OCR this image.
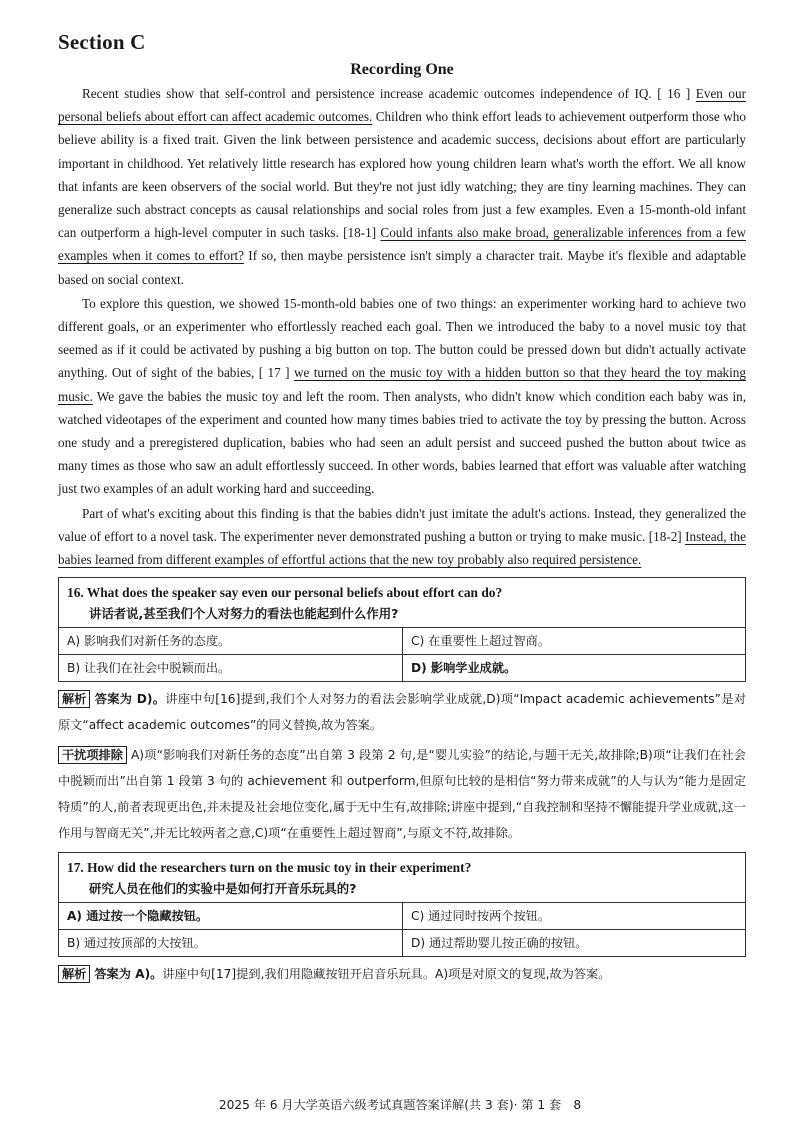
Section C
Recording One

Recent studies show that self-control and persistence increase academic outcomes independence of IQ. [ 16 ] Even our personal beliefs about effort can affect academic outcomes. Children who think effort leads to achievement outperform those who believe ability is a fixed trait. Given the link between persistence and academic success, decisions about effort are particularly important in childhood. Yet relatively little research has explored how young children learn what's worth the effort. We all know that infants are keen observers of the social world. But they're not just idly watching; they are tiny learning machines. They can generalize such abstract concepts as causal relationships and social roles from just a few examples. Even a 15-month-old infant can outperform a high-level computer in such tasks. [18-1] Could infants also make broad, generalizable inferences from a few examples when it comes to effort? If so, then maybe persistence isn't simply a character trait. Maybe it's flexible and adaptable based on social context.

To explore this question, we showed 15-month-old babies one of two things: an experimenter working hard to achieve two different goals, or an experimenter who effortlessly reached each goal. Then we introduced the baby to a novel music toy that seemed as if it could be activated by pushing a big button on top. The button could be pressed down but didn't actually activate anything. Out of sight of the babies, [ 17 ] we turned on the music toy with a hidden button so that they heard the toy making music. We gave the babies the music toy and left the room. Then analysts, who didn't know which condition each baby was in, watched videotapes of the experiment and counted how many times babies tried to activate the toy by pressing the button. Across one study and a preregistered duplication, babies who had seen an adult persist and succeed pushed the button about twice as many times as those who saw an adult effortlessly succeed. In other words, babies learned that effort was valuable after watching just two examples of an adult working hard and succeeding.

Part of what's exciting about this finding is that the babies didn't just imitate the adult's actions. Instead, they generalized the value of effort to a novel task. The experimenter never demonstrated pushing a button or trying to make music. [18-2] Instead, the babies learned from different examples of effortful actions that the new toy probably also required persistence.

16. What does the speaker say even our personal beliefs about effort can do?
讲话者说,甚至我们个人对努力的看法也能起到什么作用?
A) 影响我们对新任务的态度。	C) 在重要性上超过智商。
B) 让我们在社会中脱颖而出。	D) 影响学业成就。

解析 答案为 D)。讲座中句[16]提到,我们个人对努力的看法会影响学业成就,D)项“Impact academic achievements”是对原文“affect academic outcomes”的同义替换,故为答案。

干扰项排除 A)项“影响我们对新任务的态度”出自第 3 段第 2 句,是“婴儿实验”的结论,与题干无关,故排除;B)项“让我们在社会中脱颖而出”出自第 1 段第 3 句的 achievement 和 outperform,但原句比较的是相信“努力带来成就”的人与认为“能力是固定特质”的人,前者表现更出色,并未提及社会地位变化,属于无中生有,故排除;讲座中提到,“自我控制和坚持不懈能提升学业成就,这一作用与智商无关”,并无比较两者之意,C)项“在重要性上超过智商”,与原文不符,故排除。

17. How did the researchers turn on the music toy in their experiment?
研究人员在他们的实验中是如何打开音乐玩具的?
A) 通过按一个隐藏按钮。	C) 通过同时按两个按钮。
B) 通过按顶部的大按钮。	D) 通过帮助婴儿按正确的按钮。

解析 答案为 A)。讲座中句[17]提到,我们用隐藏按钮开启音乐玩具。A)项是对原文的复现,故为答案。

2025 年 6 月大学英语六级考试真题答案详解(共 3 套)· 第 1 套　8
